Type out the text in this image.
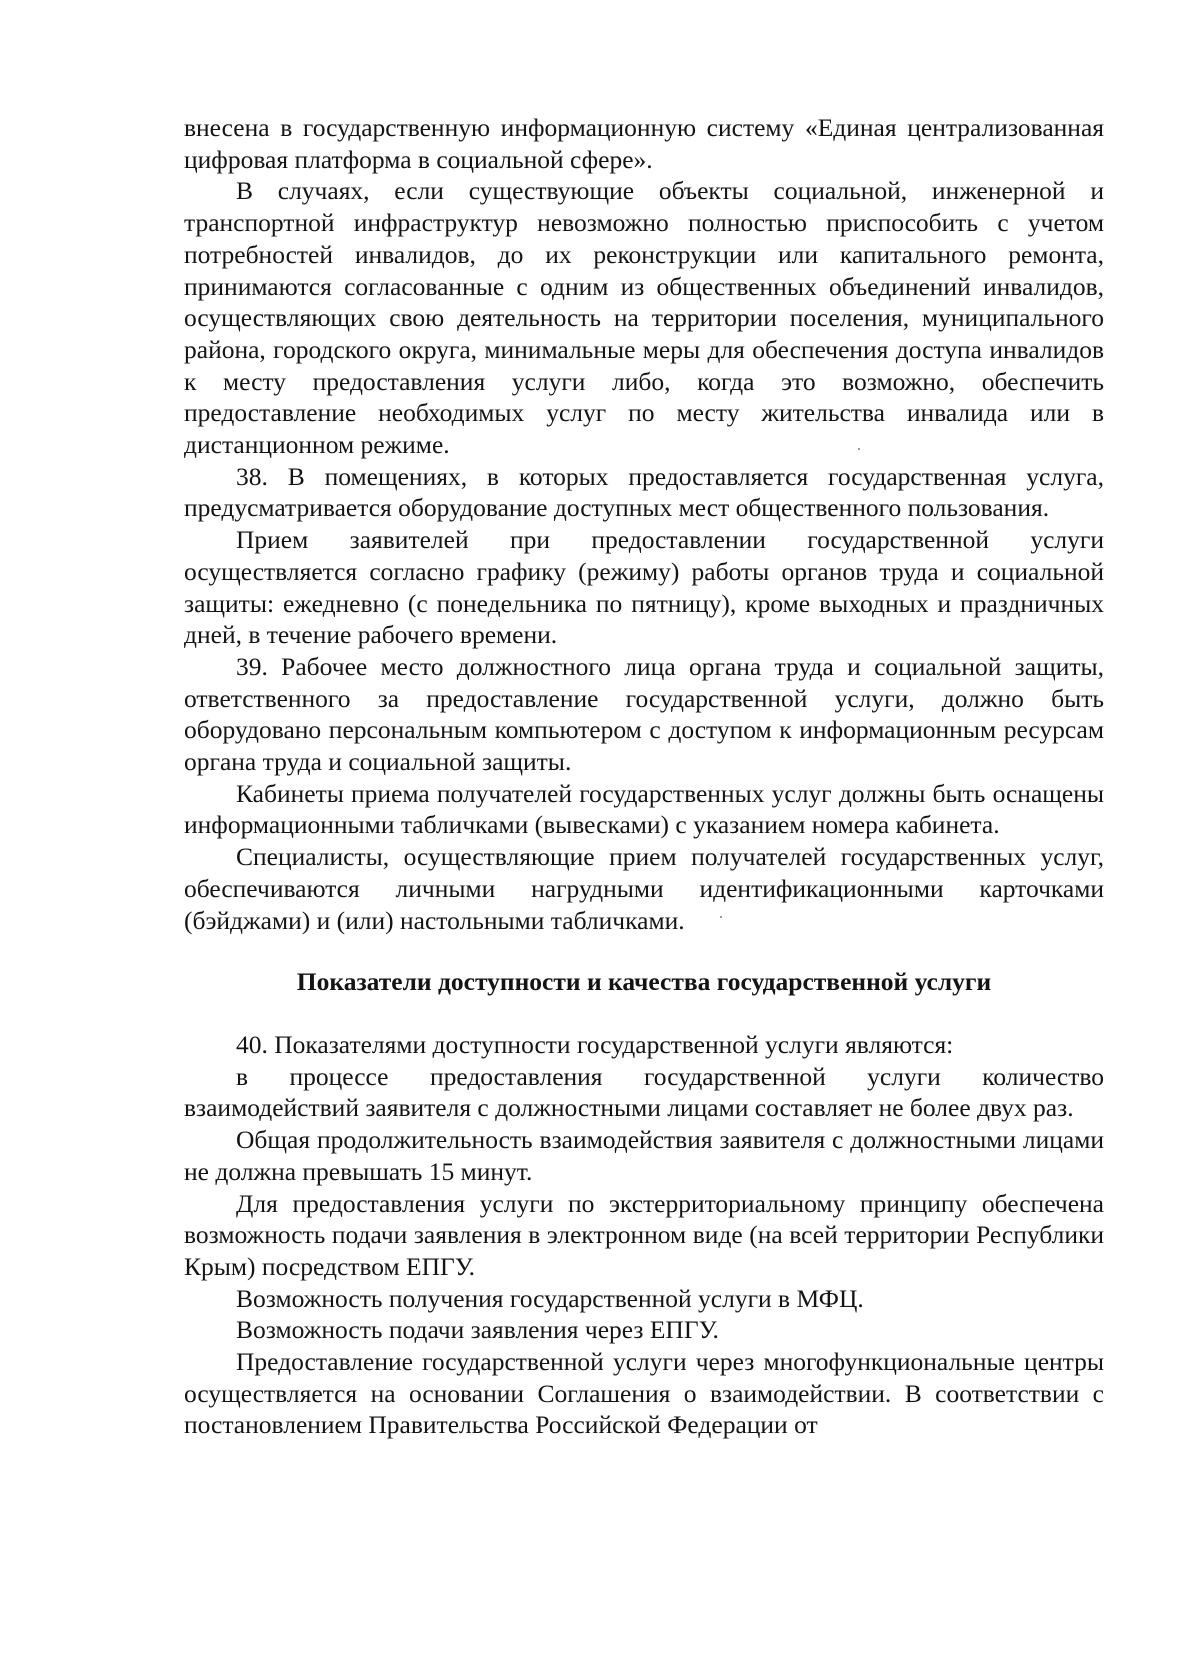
внесена в государственную информационную систему «Единая централизованная цифровая платформа в социальной сфере».

В случаях, если существующие объекты социальной, инженерной и транспортной инфраструктур невозможно полностью приспособить с учетом потребностей инвалидов, до их реконструкции или капитального ремонта, принимаются согласованные с одним из общественных объединений инвалидов, осуществляющих свою деятельность на территории поселения, муниципального района, городского округа, минимальные меры для обеспечения доступа инвалидов к месту предоставления услуги либо, когда это возможно, обеспечить предоставление необходимых услуг по месту жительства инвалида или в дистанционном режиме.

38. В помещениях, в которых предоставляется государственная услуга, предусматривается оборудование доступных мест общественного пользования.

Прием заявителей при предоставлении государственной услуги осуществляется согласно графику (режиму) работы органов труда и социальной защиты: ежедневно (с понедельника по пятницу), кроме выходных и праздничных дней, в течение рабочего времени.

39. Рабочее место должностного лица органа труда и социальной защиты, ответственного за предоставление государственной услуги, должно быть оборудовано персональным компьютером с доступом к информационным ресурсам органа труда и социальной защиты.

Кабинеты приема получателей государственных услуг должны быть оснащены информационными табличками (вывесками) с указанием номера кабинета.

Специалисты, осуществляющие прием получателей государственных услуг, обеспечиваются личными нагрудными идентификационными карточками (бэйджами) и (или) настольными табличками.

Показатели доступности и качества государственной услуги

40. Показателями доступности государственной услуги являются:

в процессе предоставления государственной услуги количество взаимодействий заявителя с должностными лицами составляет не более двух раз.

Общая продолжительность взаимодействия заявителя с должностными лицами не должна превышать 15 минут.

Для предоставления услуги по экстерриториальному принципу обеспечена возможность подачи заявления в электронном виде (на всей территории Республики Крым) посредством ЕПГУ.

Возможность получения государственной услуги в МФЦ.

Возможность подачи заявления через ЕПГУ.

Предоставление государственной услуги через многофункциональные центры осуществляется на основании Соглашения о взаимодействии. В соответствии с постановлением Правительства Российской Федерации от
